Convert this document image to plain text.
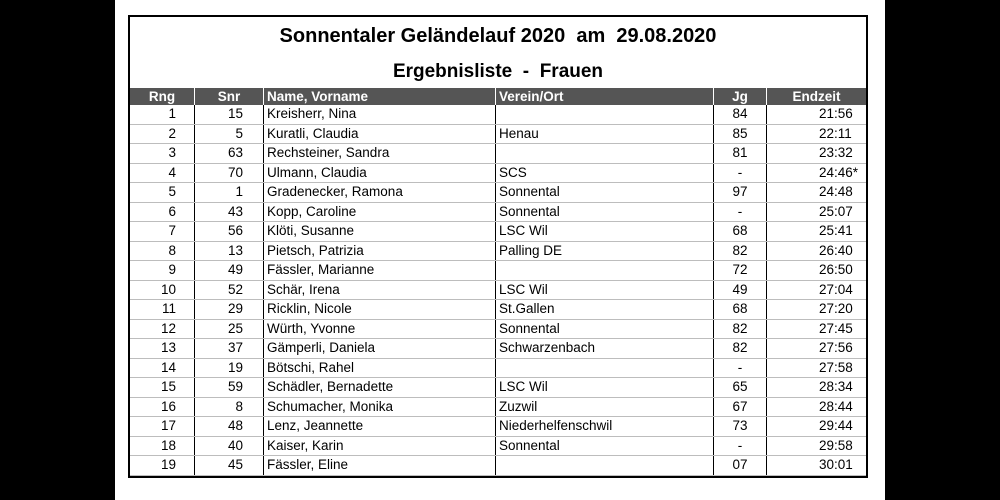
Sonnentaler Geländelauf 2020  am  29.08.2020
Ergebnisliste  -  Frauen
Rng	Snr	Name, Vorname	Verein/Ort	Jg	Endzeit
1	15	Kreisherr, Nina		84	21:56
2	5	Kuratli, Claudia	Henau	85	22:11
3	63	Rechsteiner, Sandra		81	23:32
4	70	Ulmann, Claudia	SCS	-	24:46*
5	1	Gradenecker, Ramona	Sonnental	97	24:48
6	43	Kopp, Caroline	Sonnental	-	25:07
7	56	Klöti, Susanne	LSC Wil	68	25:41
8	13	Pietsch, Patrizia	Palling DE	82	26:40
9	49	Fässler, Marianne		72	26:50
10	52	Schär, Irena	LSC Wil	49	27:04
11	29	Ricklin, Nicole	St.Gallen	68	27:20
12	25	Würth, Yvonne	Sonnental	82	27:45
13	37	Gämperli, Daniela	Schwarzenbach	82	27:56
14	19	Bötschi, Rahel		-	27:58
15	59	Schädler, Bernadette	LSC Wil	65	28:34
16	8	Schumacher, Monika	Zuzwil	67	28:44
17	48	Lenz, Jeannette	Niederhelfenschwil	73	29:44
18	40	Kaiser, Karin	Sonnental	-	29:58
19	45	Fässler, Eline		07	30:01
